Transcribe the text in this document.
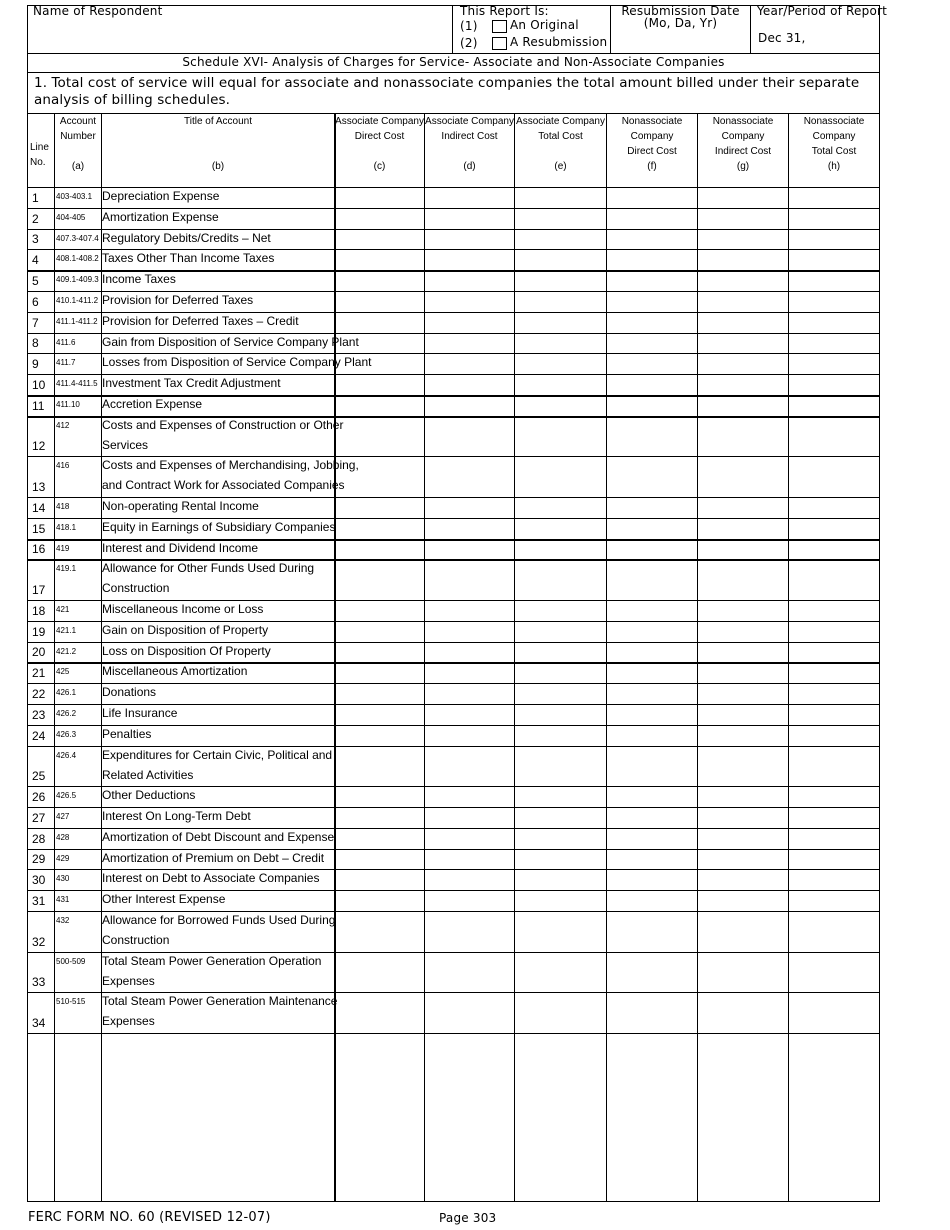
Name of Respondent	This Report Is:
(1)	An Original
(2)	A Resubmission
Resubmission Date
(Mo, Da, Yr)
Year/Period of Report
Dec 31,
Schedule XVI- Analysis of Charges for Service- Associate and Non-Associate Companies
1. Total cost of service will equal for associate and nonassociate companies the total amount billed under their separate analysis of billing schedules.
Line
No.
Account
Number
(a)
Title of Account
(b)
Associate Company
Direct Cost
(c)
Associate Company
Indirect Cost
(d)
Associate Company
Total Cost
(e)
Nonassociate
Company
Direct Cost
(f)
Nonassociate
Company
Indirect Cost
(g)
Nonassociate
Company
Total Cost
(h)
1 403-403.1 Depreciation Expense
2 404-405 Amortization Expense
3 407.3-407.4 Regulatory Debits/Credits – Net
4 408.1-408.2 Taxes Other Than Income Taxes
5 409.1-409.3 Income Taxes
6 410.1-411.2 Provision for Deferred Taxes
7 411.1-411.2 Provision for Deferred Taxes – Credit
8 411.6 Gain from Disposition of Service Company Plant
9 411.7 Losses from Disposition of Service Company Plant
10 411.4-411.5 Investment Tax Credit Adjustment
11 411.10 Accretion Expense
12
412	Costs and Expenses of Construction or Other
Services
13
416	Costs and Expenses of Merchandising, Jobbing,
and Contract Work for Associated Companies
14 418	Non-operating Rental Income
15 418.1 Equity in Earnings of Subsidiary Companies
16 419	Interest and Dividend Income
17
419.1 Allowance for Other Funds Used During
Construction
18 421	Miscellaneous Income or Loss
19 421.1 Gain on Disposition of Property
20 421.2 Loss on Disposition Of Property
21 425	Miscellaneous Amortization
22 426.1 Donations
23 426.2 Life Insurance
24 426.3 Penalties
25
426.4 Expenditures for Certain Civic, Political and
Related Activities
26 426.5 Other Deductions
27 427	Interest On Long-Term Debt
28 428	Amortization of Debt Discount and Expense
29 429	Amortization of Premium on Debt – Credit
30 430	Interest on Debt to Associate Companies
31 431	Other Interest Expense
32
432	Allowance for Borrowed Funds Used During
Construction
33
500-509 Total Steam Power Generation Operation
Expenses
34
510-515 Total Steam Power Generation Maintenance
Expenses
FERC FORM NO. 60 (REVISED 12-07)	Page 303
